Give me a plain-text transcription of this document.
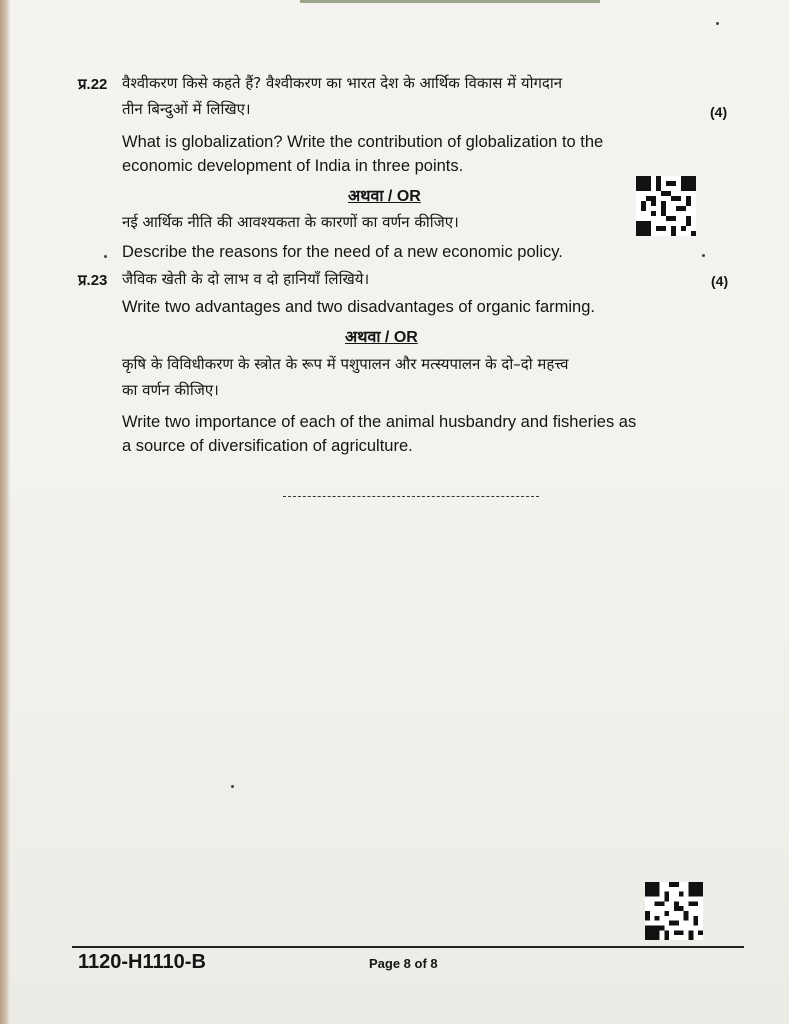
प्र.22 वैश्वीकरण किसे कहते हैं? वैश्वीकरण का भारत देश के आर्थिक विकास में योगदान
तीन बिन्दुओं में लिखिए।	(4)
What is globalization? Write the contribution of globalization to the
economic development of India in three points.
अथवा / OR
नई आर्थिक नीति की आवश्यकता के कारणों का वर्णन कीजिए।
Describe the reasons for the need of a new economic policy.
प्र.23 जैविक खेती के दो लाभ व दो हानियाँ लिखिये।	(4)
Write two advantages and two disadvantages of organic farming.
अथवा / OR
कृषि के विविधीकरण के स्त्रोत के रूप में पशुपालन और मत्स्यपालन के दो–दो महत्त्व
का वर्णन कीजिए।
Write two importance of each of the animal husbandry and fisheries as
a source of diversification of agriculture.
1120-H1110-B	Page 8 of 8
